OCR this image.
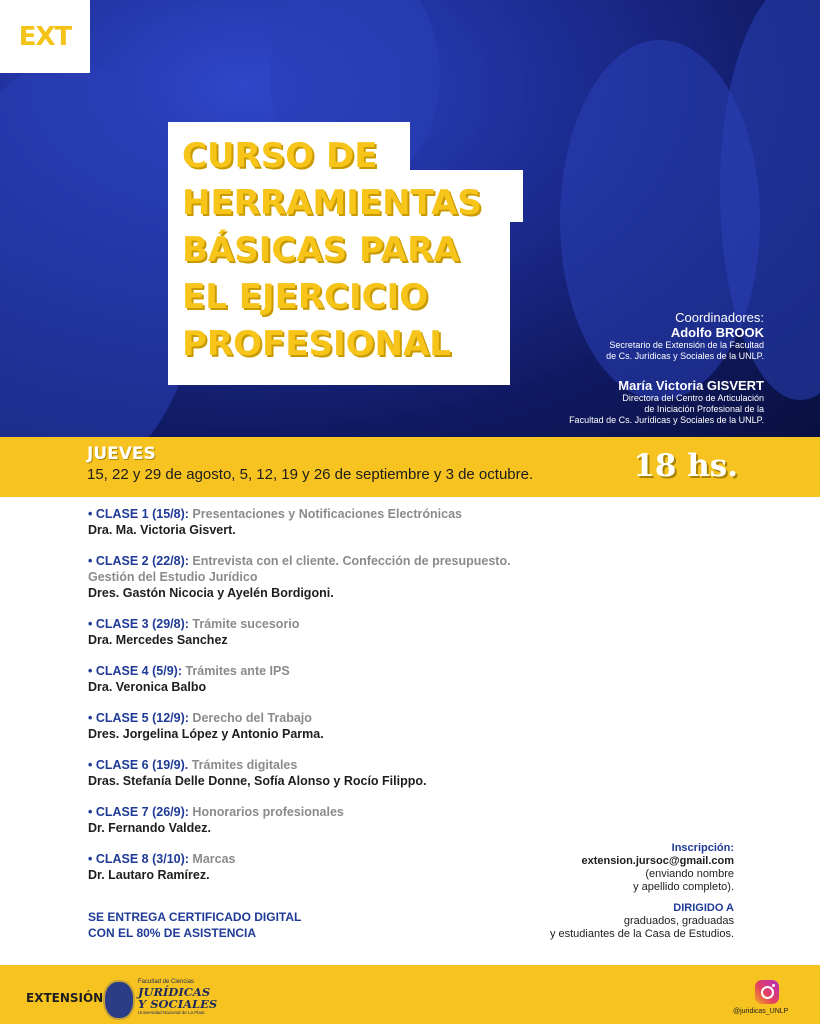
EXT
CURSO DE
HERRAMIENTAS
BÁSICAS PARA
EL EJERCICIO
PROFESIONAL
Coordinadores:
Adolfo BROOK
Secretario de Extensión de la Facultad
de Cs. Jurídicas y Sociales de la UNLP.
María Victoria GISVERT
Directora del Centro de Articulación
de Iniciación Profesional de la
Facultad de Cs. Jurídicas y Sociales de la UNLP.
JUEVES
15, 22 y 29 de agosto, 5, 12, 19 y 26 de septiembre y 3 de octubre.	18 hs.
• CLASE 1 (15/8): Presentaciones y Notificaciones Electrónicas
Dra. Ma. Victoria Gisvert.
• CLASE 2 (22/8): Entrevista con el cliente. Confección de presupuesto.
Gestión del Estudio Jurídico
Dres. Gastón Nicocia y Ayelén Bordigoni.
• CLASE 3 (29/8): Trámite sucesorio
Dra. Mercedes Sanchez
• CLASE 4 (5/9): Trámites ante IPS
Dra. Veronica Balbo
• CLASE 5 (12/9): Derecho del Trabajo
Dres. Jorgelina López y Antonio Parma.
• CLASE 6 (19/9). Trámites digitales
Dras. Stefanía Delle Donne, Sofía Alonso y Rocío Filippo.
• CLASE 7 (26/9): Honorarios profesionales
Dr. Fernando Valdez.
• CLASE 8 (3/10): Marcas
Dr. Lautaro Ramírez.
Inscripción:
extension.jursoc@gmail.com
(enviando nombre
y apellido completo).
DIRIGIDO A
graduados, graduadas
y estudiantes de la Casa de Estudios.
SE ENTREGA CERTIFICADO DIGITAL
CON EL 80% DE ASISTENCIA
EXTENSIÓN
Facultad de Ciencias
JURÍDICAS
Y SOCIALES
Universidad Nacional de La Plata	@juridicas_UNLP
